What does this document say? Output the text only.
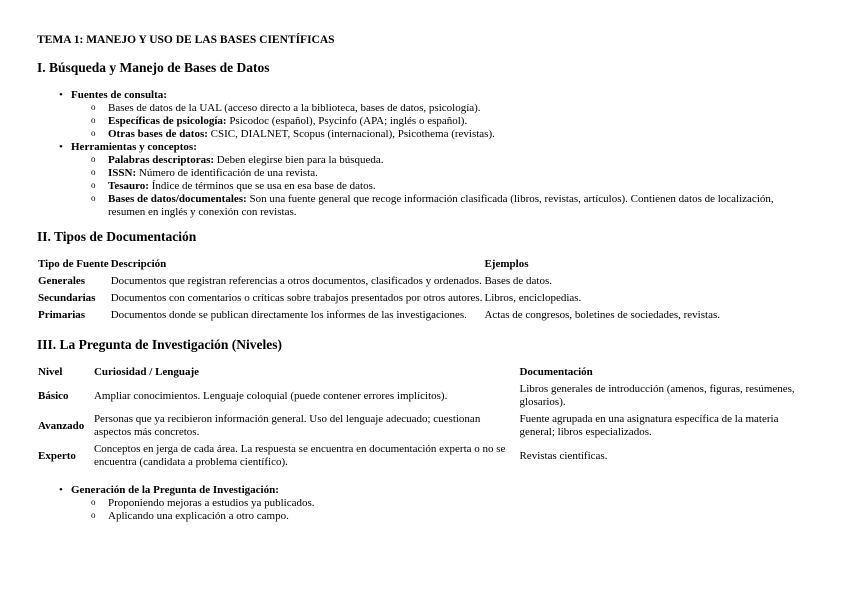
TEMA 1: MANEJO Y USO DE LAS BASES CIENTÍFICAS
I. Búsqueda y Manejo de Bases de Datos
• Fuentes de consulta:
o Bases de datos de la UAL (acceso directo a la biblioteca, bases de datos, psicología).
o Específicas de psicología: Psicodoc (español), Psycinfo (APA; inglés o español).
o Otras bases de datos: CSIC, DIALNET, Scopus (internacional), Psicothema (revistas).
• Herramientas y conceptos:
o Palabras descriptoras: Deben elegirse bien para la búsqueda.
o ISSN: Número de identificación de una revista.
o Tesauro: Índice de términos que se usa en esa base de datos.
o Bases de datos/documentales: Son una fuente general que recoge información clasificada (libros, revistas, artículos). Contienen datos de localización, resumen en inglés y conexión con revistas.
II. Tipos de Documentación
Tipo de Fuente	Descripción	Ejemplos
Generales	Documentos que registran referencias a otros documentos, clasificados y ordenados.	Bases de datos.
Secundarias	Documentos con comentarios o críticas sobre trabajos presentados por otros autores.	Libros, enciclopedias.
Primarias	Documentos donde se publican directamente los informes de las investigaciones.	Actas de congresos, boletines de sociedades, revistas.
III. La Pregunta de Investigación (Niveles)
Nivel	Curiosidad / Lenguaje	Documentación
Básico	Ampliar conocimientos. Lenguaje coloquial (puede contener errores implícitos).	Libros generales de introducción (amenos, figuras, resúmenes, glosarios).
Avanzado	Personas que ya recibieron información general. Uso del lenguaje adecuado; cuestionan aspectos más concretos.	Fuente agrupada en una asignatura específica de la materia general; libros especializados.
Experto	Conceptos en jerga de cada área. La respuesta se encuentra en documentación experta o no se encuentra (candidata a problema científico).	Revistas científicas.
• Generación de la Pregunta de Investigación:
o Proponiendo mejoras a estudios ya publicados.
o Aplicando una explicación a otro campo.
